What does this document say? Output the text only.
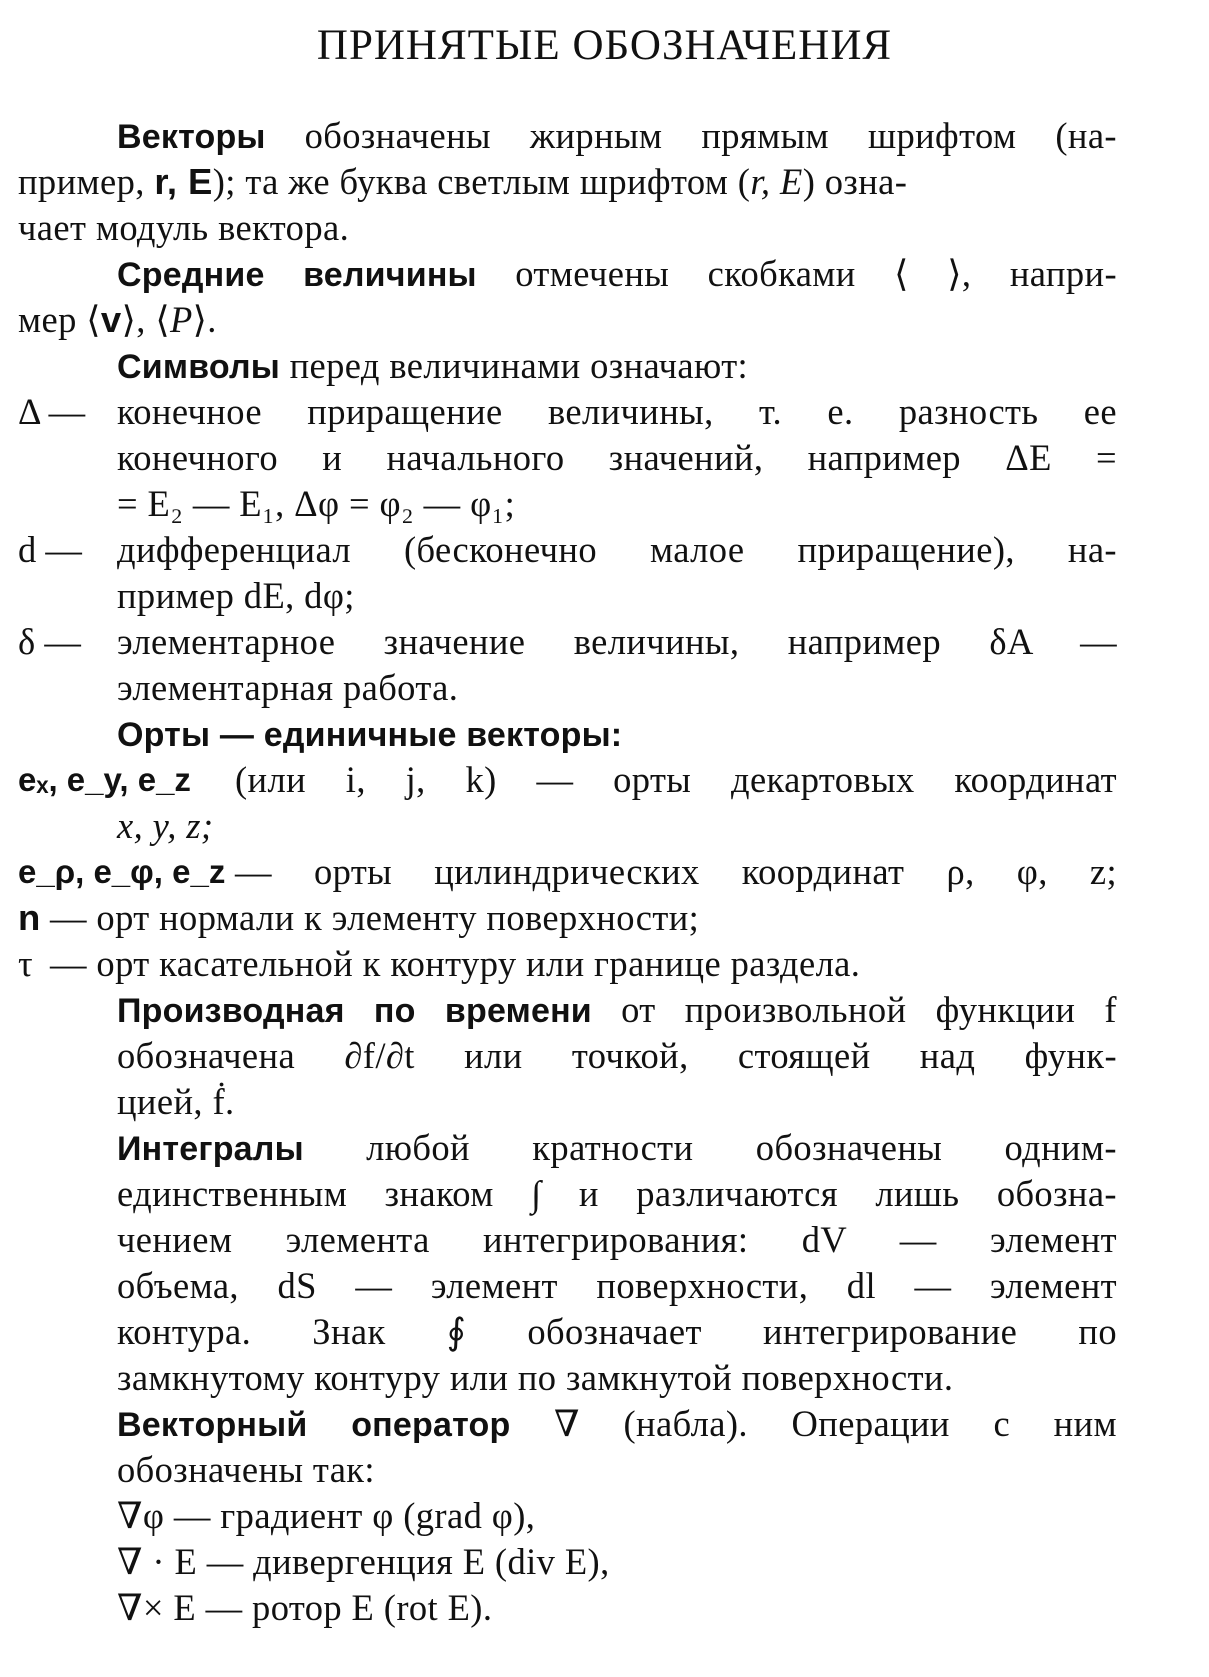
ПРИНЯТЫЕ ОБОЗНАЧЕНИЯ
Векторы обозначены жирным прямым шрифтом (на-
пример, r, E); та же буква светлым шрифтом (r, E) озна-
чает модуль вектора.
Средние величины отмечены скобками ⟨ ⟩, напри-
мер ⟨v⟩, ⟨P⟩.
Символы перед величинами означают:
Δ — конечное приращение величины, т. е. разность ее
конечного и начального значений, например ΔE =
= E₂ — E₁, Δφ = φ₂ — φ₁;
d — дифференциал (бесконечно малое приращение), на-
пример dE, dφ;
δ — элементарное значение величины, например δA —
элементарная работа.
Орты — единичные векторы:
eₓ, e_y, e_z (или i, j, k) — орты декартовых координат
x, y, z;
e_ρ, e_φ, e_z — орты цилиндрических координат ρ, φ, z;
n — орт нормали к элементу поверхности;
τ — орт касательной к контуру или границе раздела.
Производная по времени от произвольной функции f
обозначена ∂f/∂t или точкой, стоящей над функ-
цией, ḟ.
Интегралы любой кратности обозначены одним-
единственным знаком ∫ и различаются лишь обозна-
чением элемента интегрирования: dV — элемент
объема, dS — элемент поверхности, dl — элемент
контура. Знак ∮ обозначает интегрирование по
замкнутому контуру или по замкнутой поверхности.
Векторный оператор ∇ (набла). Операции с ним
обозначены так:
∇φ — градиент φ (grad φ),
∇ · E — дивергенция E (div E),
∇× E — ротор E (rot E).
